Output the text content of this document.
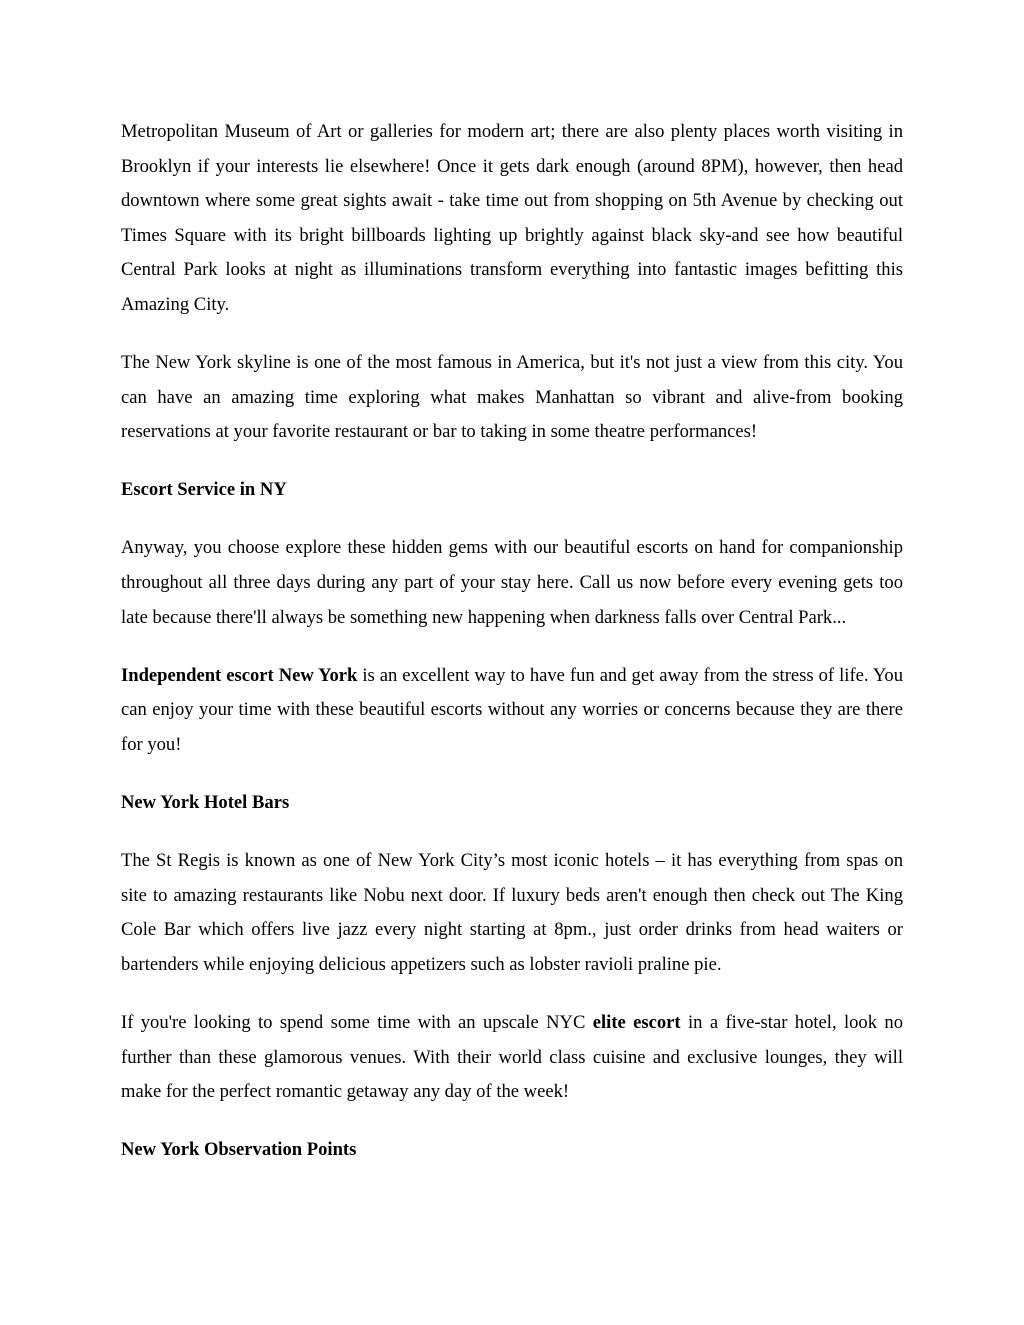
Metropolitan Museum of Art or galleries for modern art; there are also plenty places worth visiting in Brooklyn if your interests lie elsewhere! Once it gets dark enough (around 8PM), however, then head downtown where some great sights await - take time out from shopping on 5th Avenue by checking out Times Square with its bright billboards lighting up brightly against black sky-and see how beautiful Central Park looks at night as illuminations transform everything into fantastic images befitting this Amazing City.

The New York skyline is one of the most famous in America, but it's not just a view from this city. You can have an amazing time exploring what makes Manhattan so vibrant and alive-from booking reservations at your favorite restaurant or bar to taking in some theatre performances!

Escort Service in NY

Anyway, you choose explore these hidden gems with our beautiful escorts on hand for companionship throughout all three days during any part of your stay here. Call us now before every evening gets too late because there'll always be something new happening when darkness falls over Central Park...

Independent escort New York is an excellent way to have fun and get away from the stress of life. You can enjoy your time with these beautiful escorts without any worries or concerns because they are there for you!

New York Hotel Bars

The St Regis is known as one of New York City’s most iconic hotels – it has everything from spas on site to amazing restaurants like Nobu next door. If luxury beds aren't enough then check out The King Cole Bar which offers live jazz every night starting at 8pm., just order drinks from head waiters or bartenders while enjoying delicious appetizers such as lobster ravioli praline pie.

If you're looking to spend some time with an upscale NYC elite escort in a five-star hotel, look no further than these glamorous venues. With their world class cuisine and exclusive lounges, they will make for the perfect romantic getaway any day of the week!

New York Observation Points
